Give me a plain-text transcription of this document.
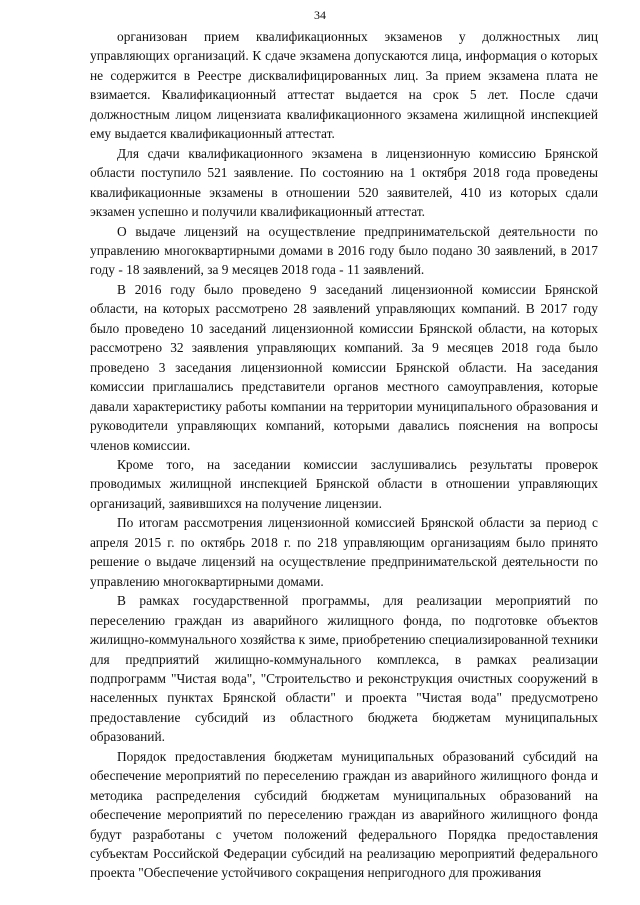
34

организован прием квалификационных экзаменов у должностных лиц управляющих организаций. К сдаче экзамена допускаются лица, информация о которых не содержится в Реестре дисквалифицированных лиц. За прием экзамена плата не взимается. Квалификационный аттестат выдается на срок 5 лет. После сдачи должностным лицом лицензиата квалификационного экзамена жилищной инспекцией ему выдается квалификационный аттестат.

Для сдачи квалификационного экзамена в лицензионную комиссию Брянской области поступило 521 заявление. По состоянию на 1 октября 2018 года проведены квалификационные экзамены в отношении 520 заявителей, 410 из которых сдали экзамен успешно и получили квалификационный аттестат.

О выдаче лицензий на осуществление предпринимательской деятельности по управлению многоквартирными домами в 2016 году было подано 30 заявлений, в 2017 году - 18 заявлений, за 9 месяцев 2018 года - 11 заявлений.

В 2016 году было проведено 9 заседаний лицензионной комиссии Брянской области, на которых рассмотрено 28 заявлений управляющих компаний. В 2017 году было проведено 10 заседаний лицензионной комиссии Брянской области, на которых рассмотрено 32 заявления управляющих компаний. За 9 месяцев 2018 года было проведено 3 заседания лицензионной комиссии Брянской области. На заседания комиссии приглашались представители органов местного самоуправления, которые давали характеристику работы компании на территории муниципального образования и руководители управляющих компаний, которыми давались пояснения на вопросы членов комиссии.

Кроме того, на заседании комиссии заслушивались результаты проверок проводимых жилищной инспекцией Брянской области в отношении управляющих организаций, заявившихся на получение лицензии.

По итогам рассмотрения лицензионной комиссией Брянской области за период с апреля 2015 г. по октябрь 2018 г. по 218 управляющим организациям было принято решение о выдаче лицензий на осуществление предпринимательской деятельности по управлению многоквартирными домами.

В рамках государственной программы, для реализации мероприятий по переселению граждан из аварийного жилищного фонда, по подготовке объектов жилищно-коммунального хозяйства к зиме, приобретению специализированной техники для предприятий жилищно-коммунального комплекса, в рамках реализации подпрограмм "Чистая вода", "Строительство и реконструкция очистных сооружений в населенных пунктах Брянской области" и проекта "Чистая вода" предусмотрено предоставление субсидий из областного бюджета бюджетам муниципальных образований.

Порядок предоставления бюджетам муниципальных образований субсидий на обеспечение мероприятий по переселению граждан из аварийного жилищного фонда и методика распределения субсидий бюджетам муниципальных образований на обеспечение мероприятий по переселению граждан из аварийного жилищного фонда будут разработаны с учетом положений федерального Порядка предоставления субъектам Российской Федерации субсидий на реализацию мероприятий федерального проекта "Обеспечение устойчивого сокращения непригодного для проживания
